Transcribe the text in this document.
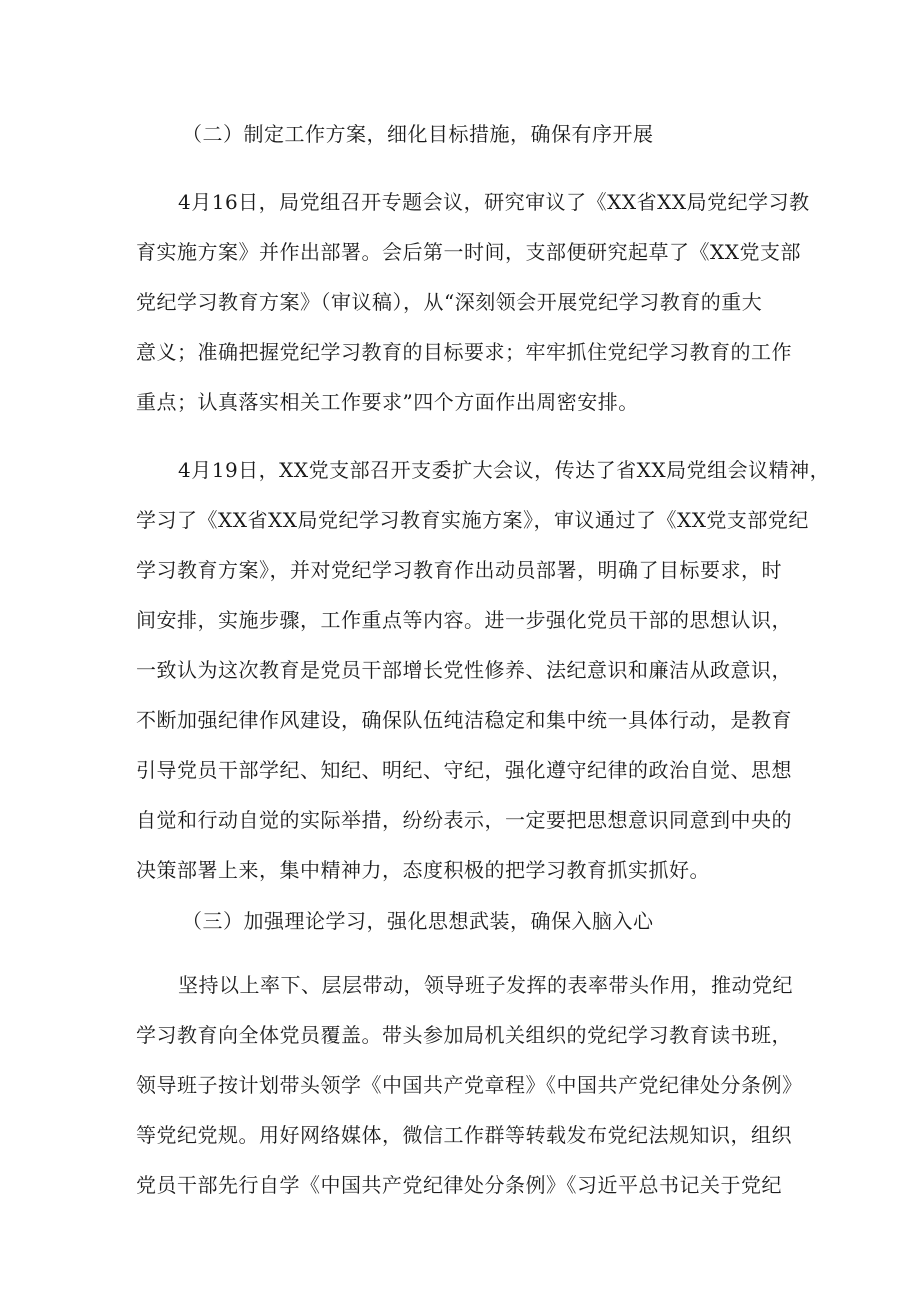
（二）制定工作方案，细化目标措施，确保有序开展
4月16日，局党组召开专题会议，研究审议了《XX省XX局党纪学习教
育实施方案》并作出部署。会后第一时间，支部便研究起草了《XX党支部
党纪学习教育方案》（审议稿），从“深刻领会开展党纪学习教育的重大
意义；准确把握党纪学习教育的目标要求；牢牢抓住党纪学习教育的工作
重点；认真落实相关工作要求”四个方面作出周密安排。
4月19日，XX党支部召开支委扩大会议，传达了省XX局党组会议精神，
学习了《XX省XX局党纪学习教育实施方案》，审议通过了《XX党支部党纪
学习教育方案》，并对党纪学习教育作出动员部署，明确了目标要求，时
间安排，实施步骤，工作重点等内容。进一步强化党员干部的思想认识，
一致认为这次教育是党员干部增长党性修养、法纪意识和廉洁从政意识，
不断加强纪律作风建设，确保队伍纯洁稳定和集中统一具体行动，是教育
引导党员干部学纪、知纪、明纪、守纪，强化遵守纪律的政治自觉、思想
自觉和行动自觉的实际举措，纷纷表示，一定要把思想意识同意到中央的
决策部署上来，集中精神力，态度积极的把学习教育抓实抓好。
（三）加强理论学习，强化思想武装，确保入脑入心
坚持以上率下、层层带动，领导班子发挥的表率带头作用，推动党纪
学习教育向全体党员覆盖。带头参加局机关组织的党纪学习教育读书班，
领导班子按计划带头领学《中国共产党章程》《中国共产党纪律处分条例》
等党纪党规。用好网络媒体，微信工作群等转载发布党纪法规知识，组织
党员干部先行自学《中国共产党纪律处分条例》《习近平总书记关于党纪
